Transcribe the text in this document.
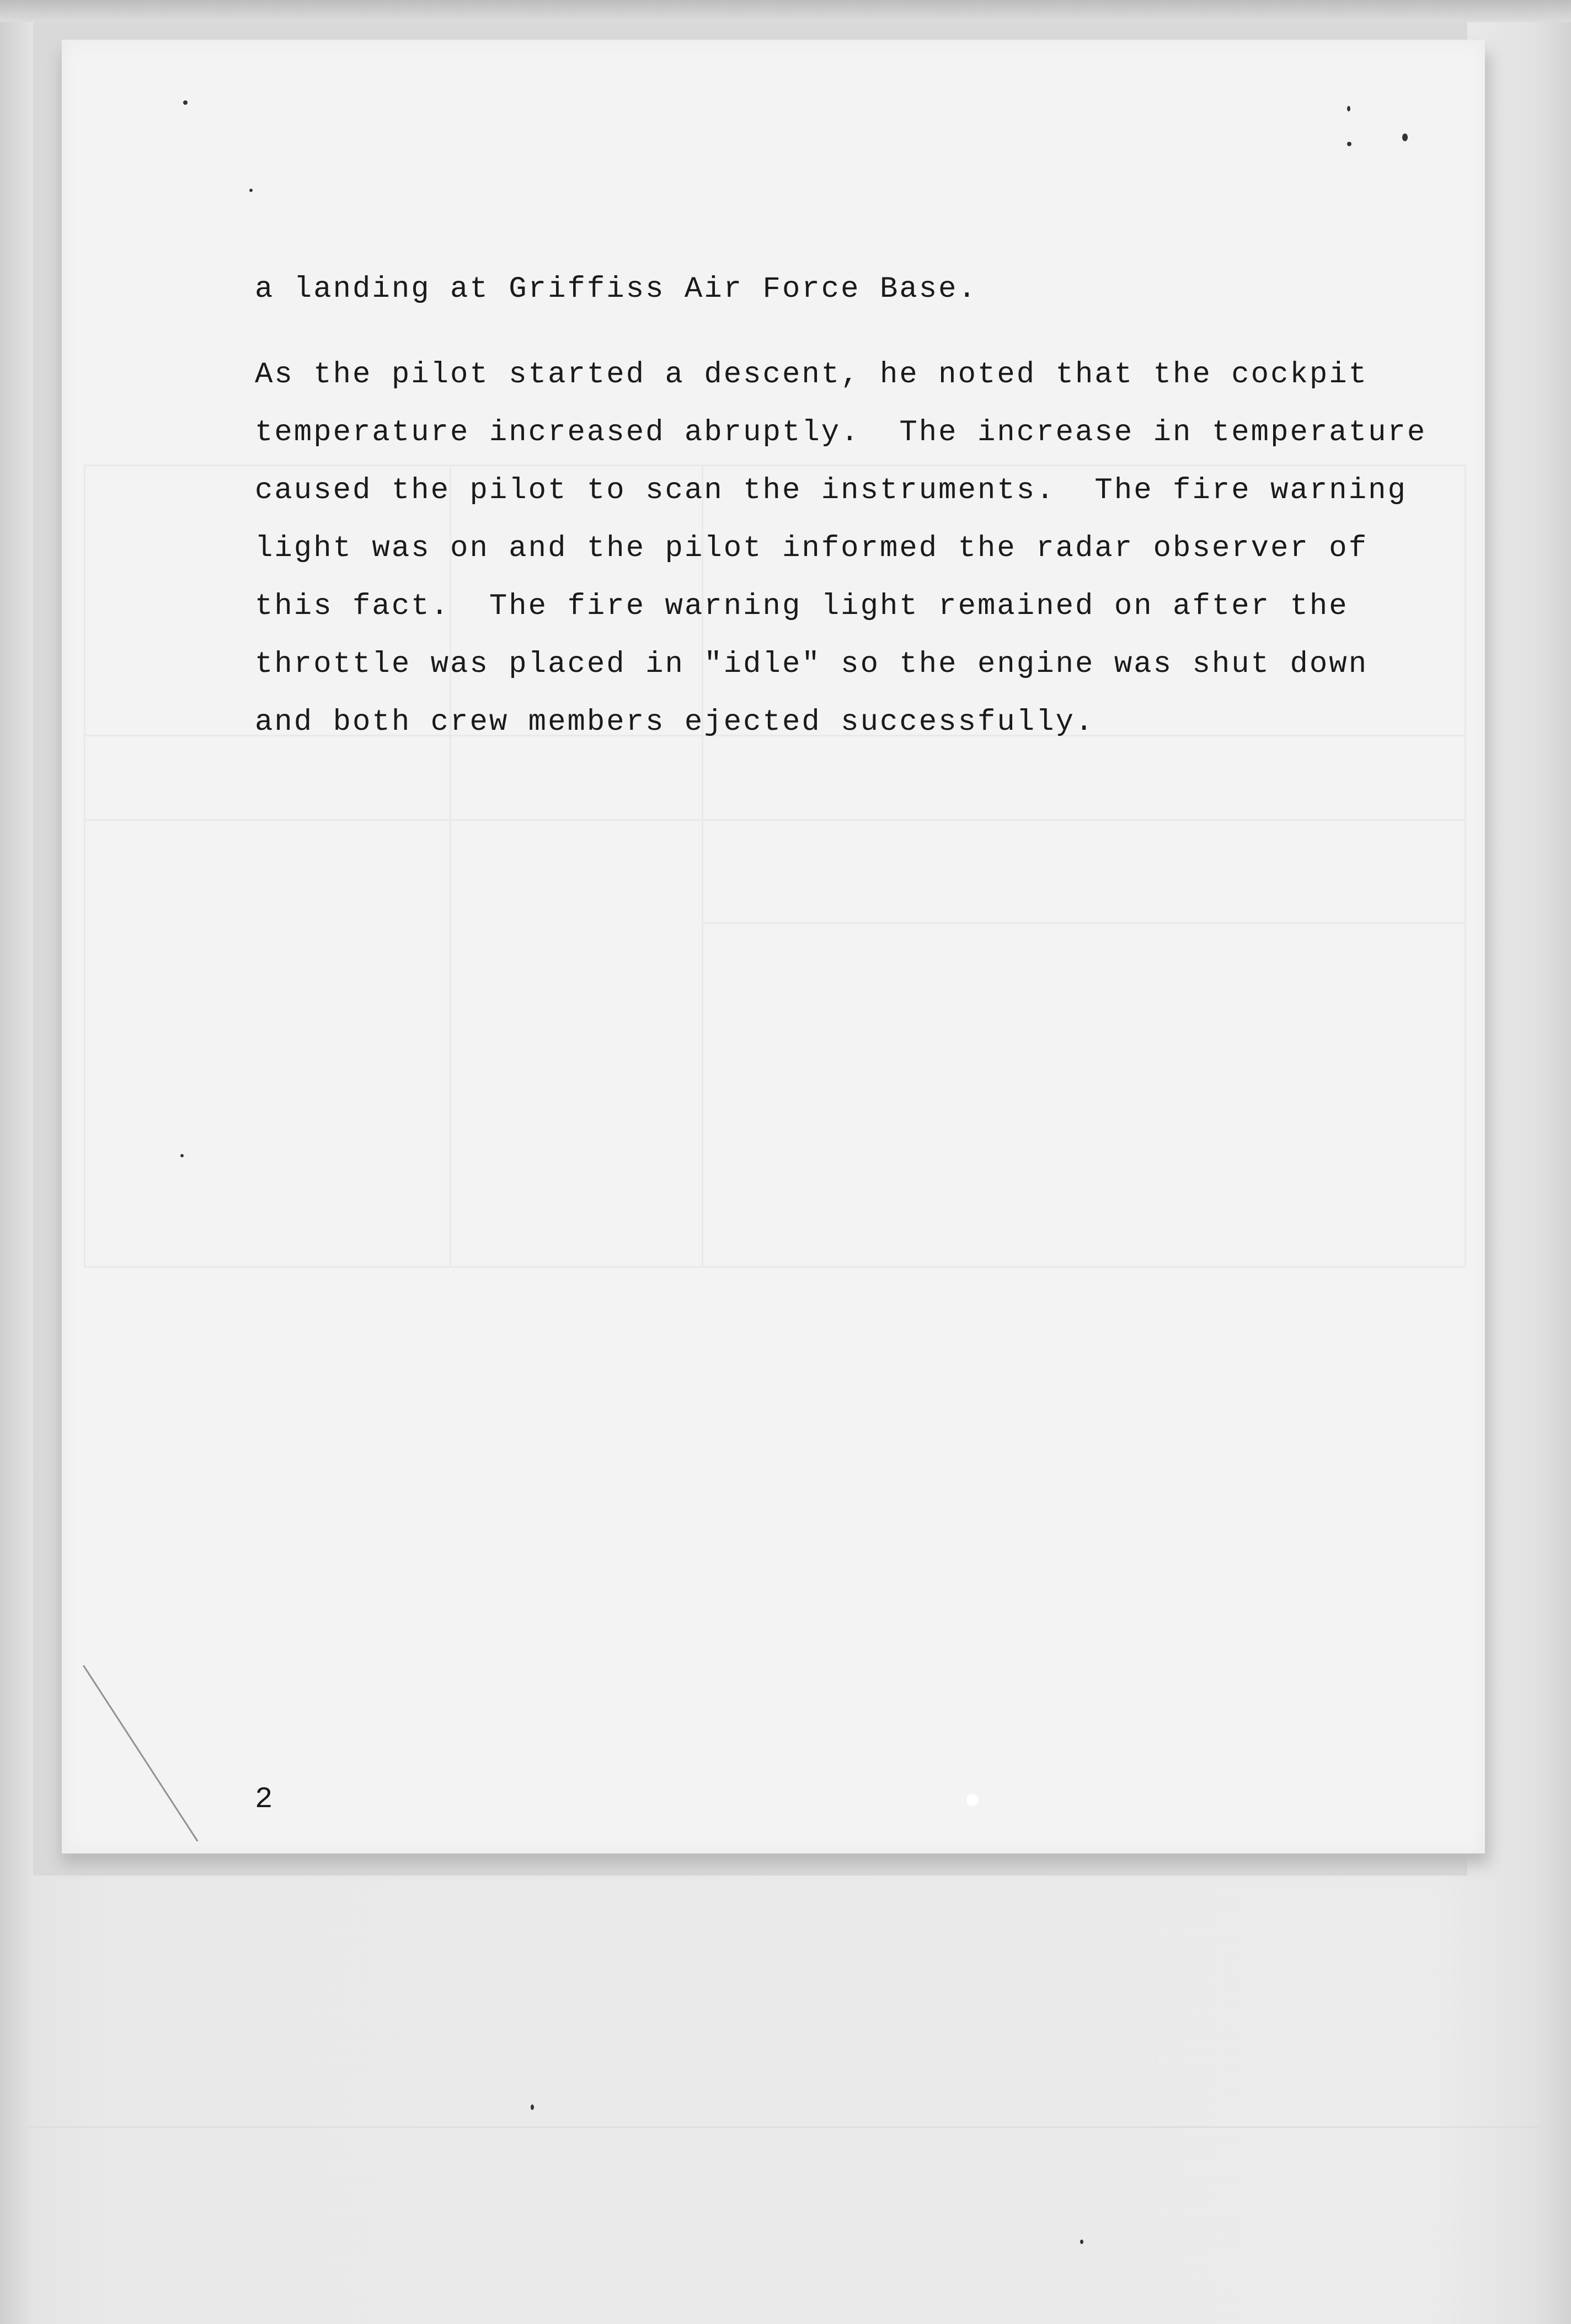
a landing at Griffiss Air Force Base.
As the pilot started a descent, he noted that the cockpit
temperature increased abruptly.  The increase in temperature
caused the pilot to scan the instruments.  The fire warning
light was on and the pilot informed the radar observer of
this fact.  The fire warning light remained on after the
throttle was placed in "idle" so the engine was shut down
and both crew members ejected successfully.
2
